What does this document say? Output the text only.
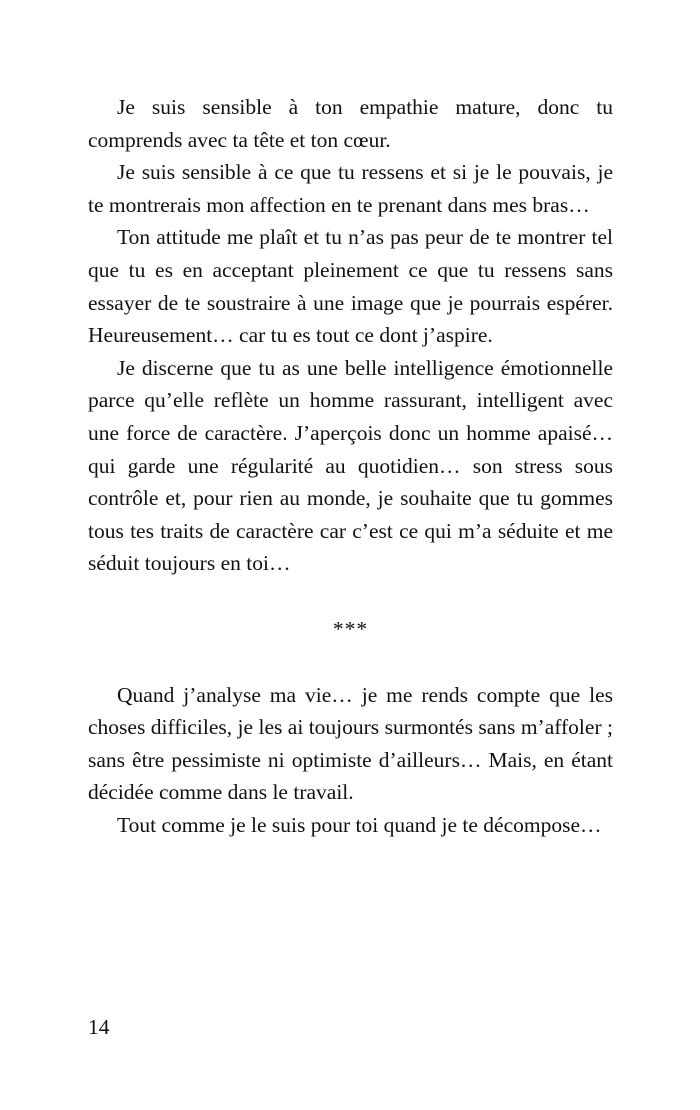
Je suis sensible à ton empathie mature, donc tu comprends avec ta tête et ton cœur.

Je suis sensible à ce que tu ressens et si je le pouvais, je te montrerais mon affection en te prenant dans mes bras…

Ton attitude me plaît et tu n’as pas peur de te montrer tel que tu es en acceptant pleinement ce que tu ressens sans essayer de te soustraire à une image que je pourrais espérer. Heureusement… car tu es tout ce dont j’aspire.

Je discerne que tu as une belle intelligence émotionnelle parce qu’elle reflète un homme rassurant, intelligent avec une force de caractère. J’aperçois donc un homme apaisé… qui garde une régularité au quotidien… son stress sous contrôle et, pour rien au monde, je souhaite que tu gommes tous tes traits de caractère car c’est ce qui m’a séduite et me séduit toujours en toi…

***

Quand j’analyse ma vie… je me rends compte que les choses difficiles, je les ai toujours surmontés sans m’affoler ; sans être pessimiste ni optimiste d’ailleurs… Mais, en étant décidée comme dans le travail.

Tout comme je le suis pour toi quand je te décompose…

14
